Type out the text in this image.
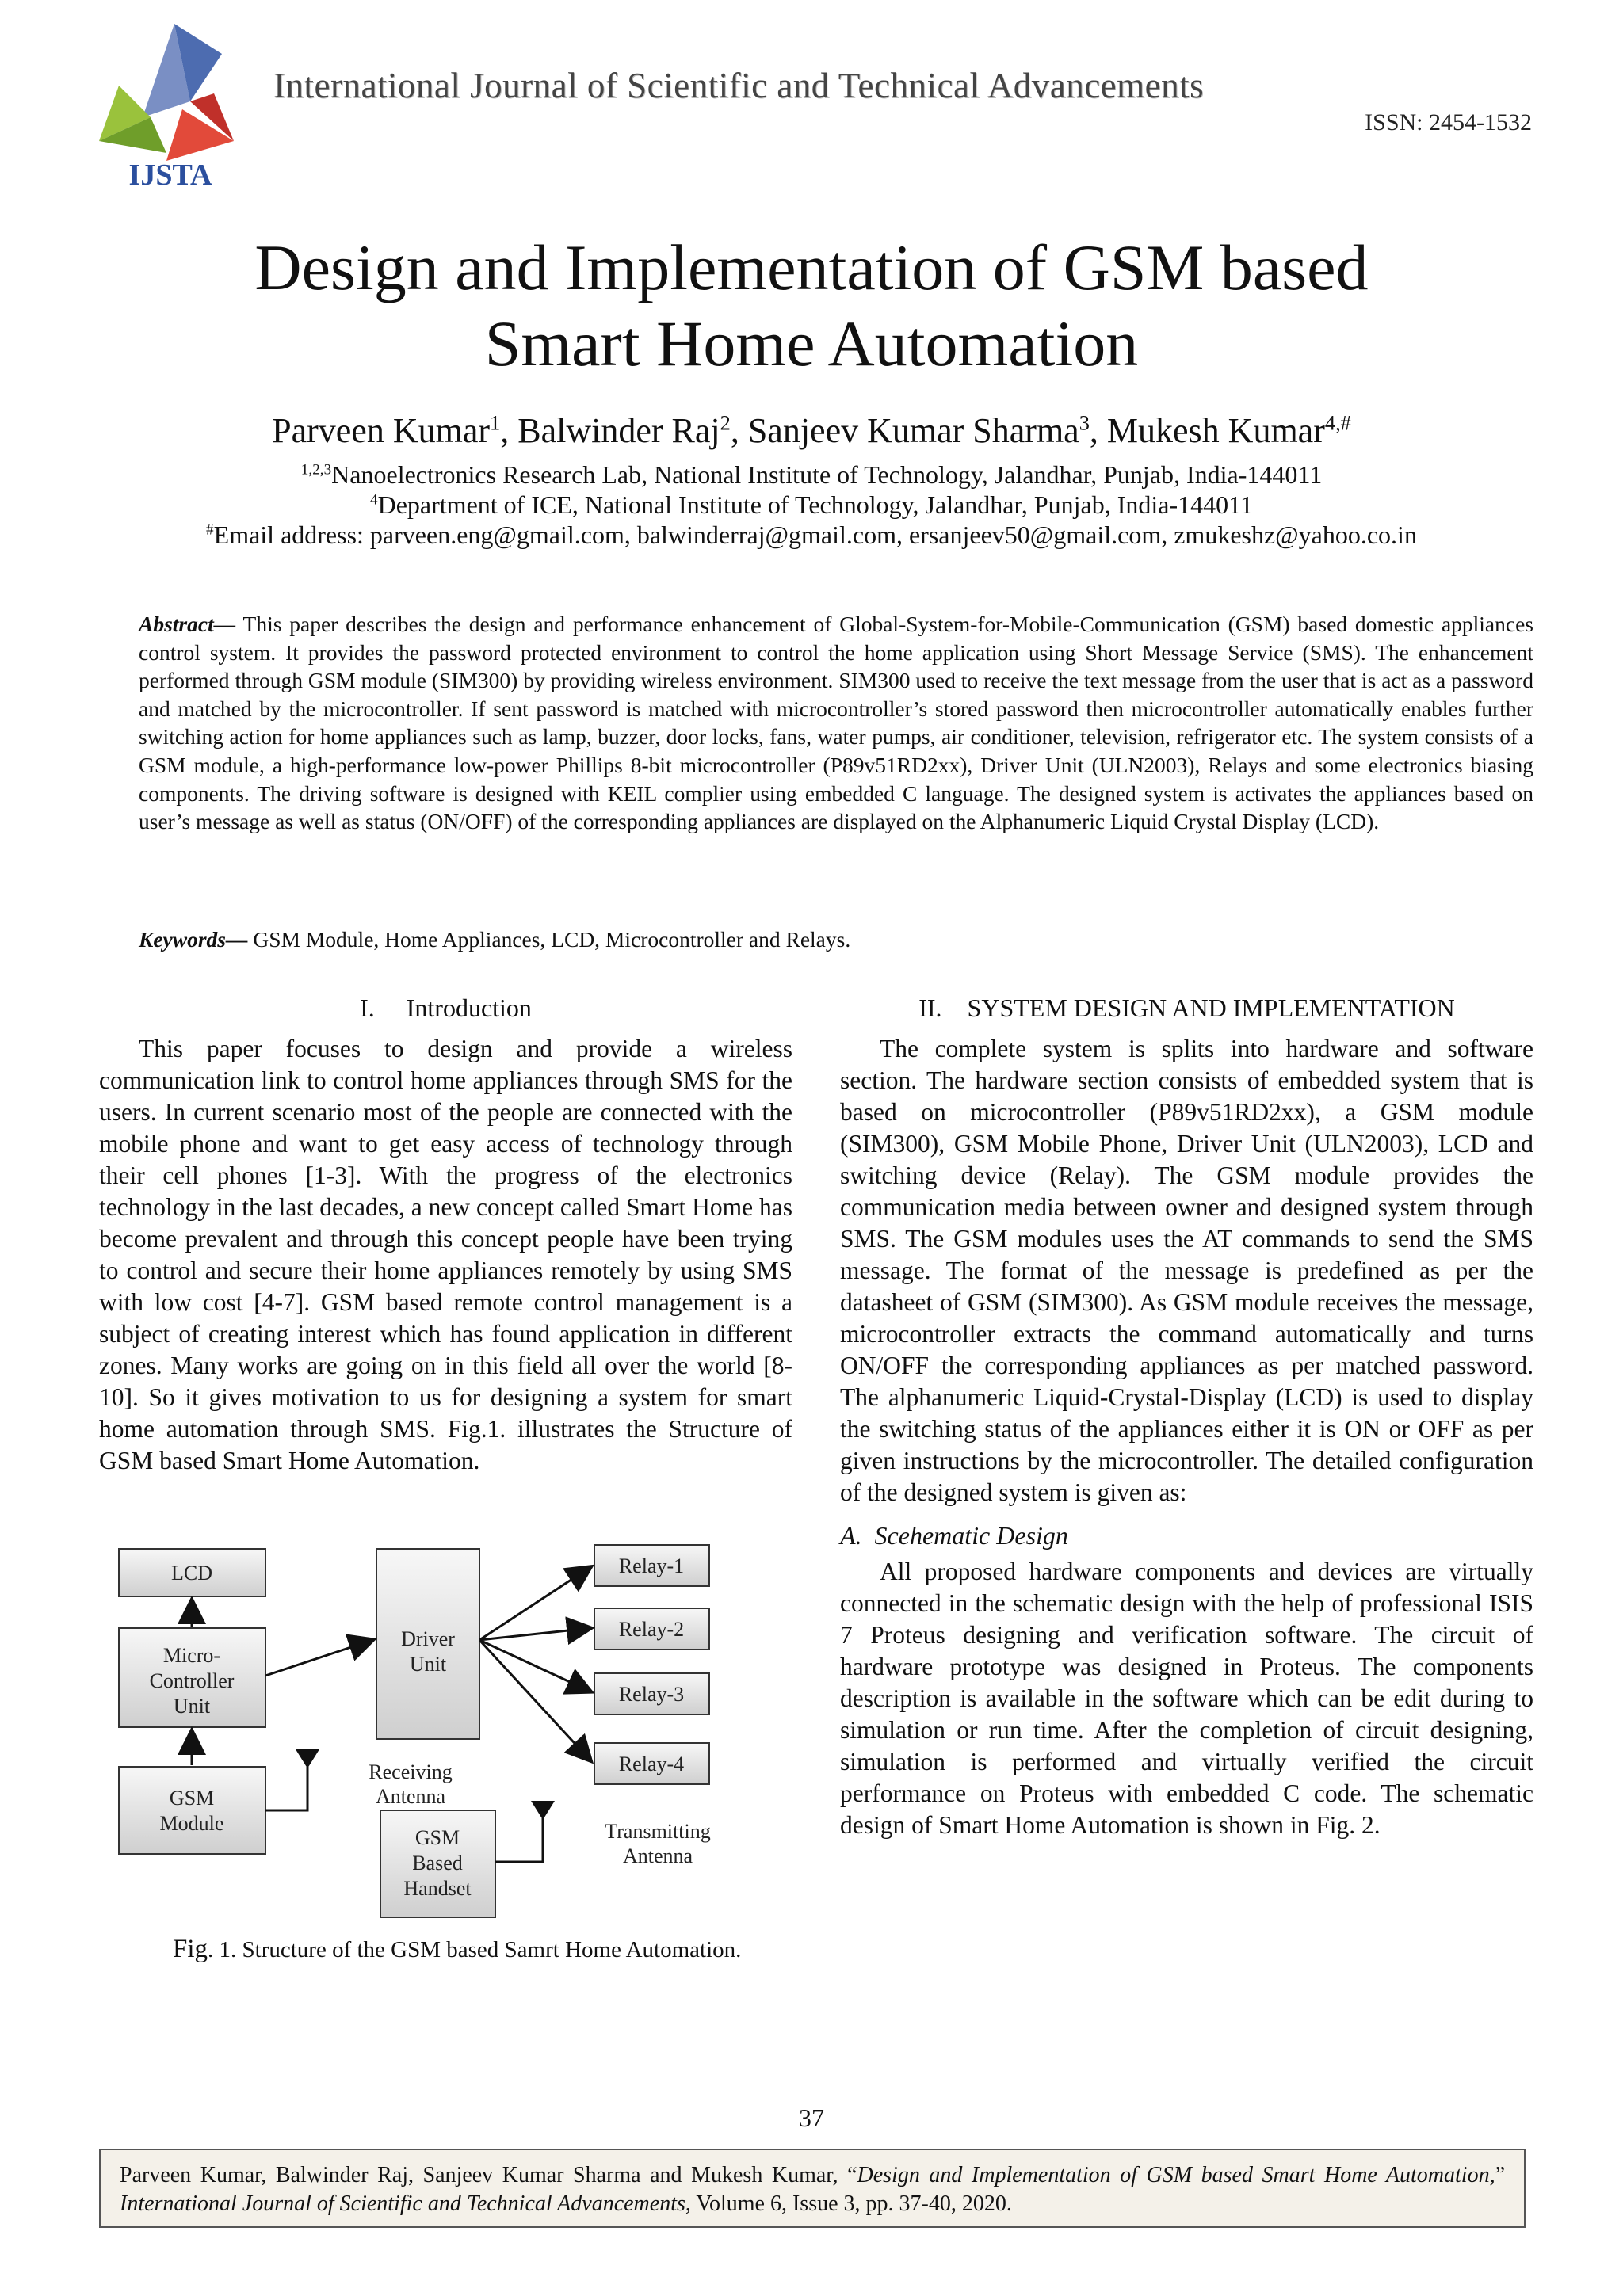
IJSTA
International Journal of Scientific and Technical Advancements
ISSN: 2454-1532
Design and Implementation of GSM based
Smart Home Automation
Parveen Kumar$^1$, Balwinder Raj$^2$, Sanjeev Kumar Sharma$^3$, Mukesh Kumar$^{4,\#}$
$^{1,2,3}$Nanoelectronics Research Lab, National Institute of Technology, Jalandhar, Punjab, India-144011
$^4$Department of ICE, National Institute of Technology, Jalandhar, Punjab, India-144011
#Email address: parveen.eng@gmail.com, balwinderraj@gmail.com, ersanjeev50@gmail.com, zmukeshz@yahoo.co.in
Abstract— This paper describes the design and performance enhancement of Global-System-for-Mobile-Communication (GSM) based domestic appliances control system. It provides the password protected environment to control the home application using Short Message Service (SMS). The enhancement performed through GSM module (SIM300) by providing wireless environment. SIM300 used to receive the text message from the user that is act as a password and matched by the microcontroller. If sent password is matched with microcontroller’s stored password then microcontroller automatically enables further switching action for home appliances such as lamp, buzzer, door locks, fans, water pumps, air conditioner, television, refrigerator etc. The system consists of a GSM module, a high-performance low-power Phillips 8-bit microcontroller (P89v51RD2xx), Driver Unit (ULN2003), Relays and some electronics biasing components. The driving software is designed with KEIL complier using embedded C language. The designed system is activates the appliances based on user’s message as well as status (ON/OFF) of the corresponding appliances are displayed on the Alphanumeric Liquid Crystal Display (LCD).
Keywords— GSM Module, Home Appliances, LCD, Microcontroller and Relays.
I.     Introduction

This paper focuses to design and provide a wireless communication link to control home appliances through SMS for the users. In current scenario most of the people are connected with the mobile phone and want to get easy access of technology through their cell phones [1-3]. With the progress of the electronics technology in the last decades, a new concept called Smart Home has become prevalent and through this concept people have been trying to control and secure their home appliances remotely by using SMS with low cost [4-7]. GSM based remote control management is a subject of creating interest which has found application in different zones. Many works are going on in this field all over the world [8-10]. So it gives motivation to us for designing a system for smart home automation through SMS. Fig.1. illustrates the Structure of GSM based Smart Home Automation.

LCD
Micro-
Controller
Unit
GSM
Module
Driver
Unit
Relay-1
Relay-2
Relay-3
Relay-4
Receiving
Antenna
GSM
Based
Handset
Transmitting
Antenna
Fig. 1. Structure of the GSM based Samrt Home Automation.
II.    SYSTEM DESIGN AND IMPLEMENTATION

The complete system is splits into hardware and software section. The hardware section consists of embedded system that is based on microcontroller (P89v51RD2xx), a GSM module (SIM300), GSM Mobile Phone, Driver Unit (ULN2003), LCD and switching device (Relay). The GSM module provides the communication media between owner and designed system through SMS. The GSM modules uses the AT commands to send the SMS message. The format of the message is predefined as per the datasheet of GSM (SIM300). As GSM module receives the message, microcontroller extracts the command automatically and turns ON/OFF the corresponding appliances as per matched password. The alphanumeric Liquid-Crystal-Display (LCD) is used to display the switching status of the appliances either it is ON or OFF as per given instructions by the microcontroller. The detailed configuration of the designed system is given as:

A.  Scehematic Design

All proposed hardware components and devices are virtually connected in the schematic design with the help of professional ISIS 7 Proteus designing and verification software. The circuit of hardware prototype was designed in Proteus. The components description is available in the software which can be edit during to simulation or run time. After the completion of circuit designing, simulation is performed and virtually verified the circuit performance on Proteus with embedded C code. The schematic design of Smart Home Automation is shown in Fig. 2.

37
Parveen Kumar, Balwinder Raj, Sanjeev Kumar Sharma and Mukesh Kumar, “Design and Implementation of GSM based Smart Home Automation,” International Journal of Scientific and Technical Advancements, Volume 6, Issue 3, pp. 37-40, 2020.
